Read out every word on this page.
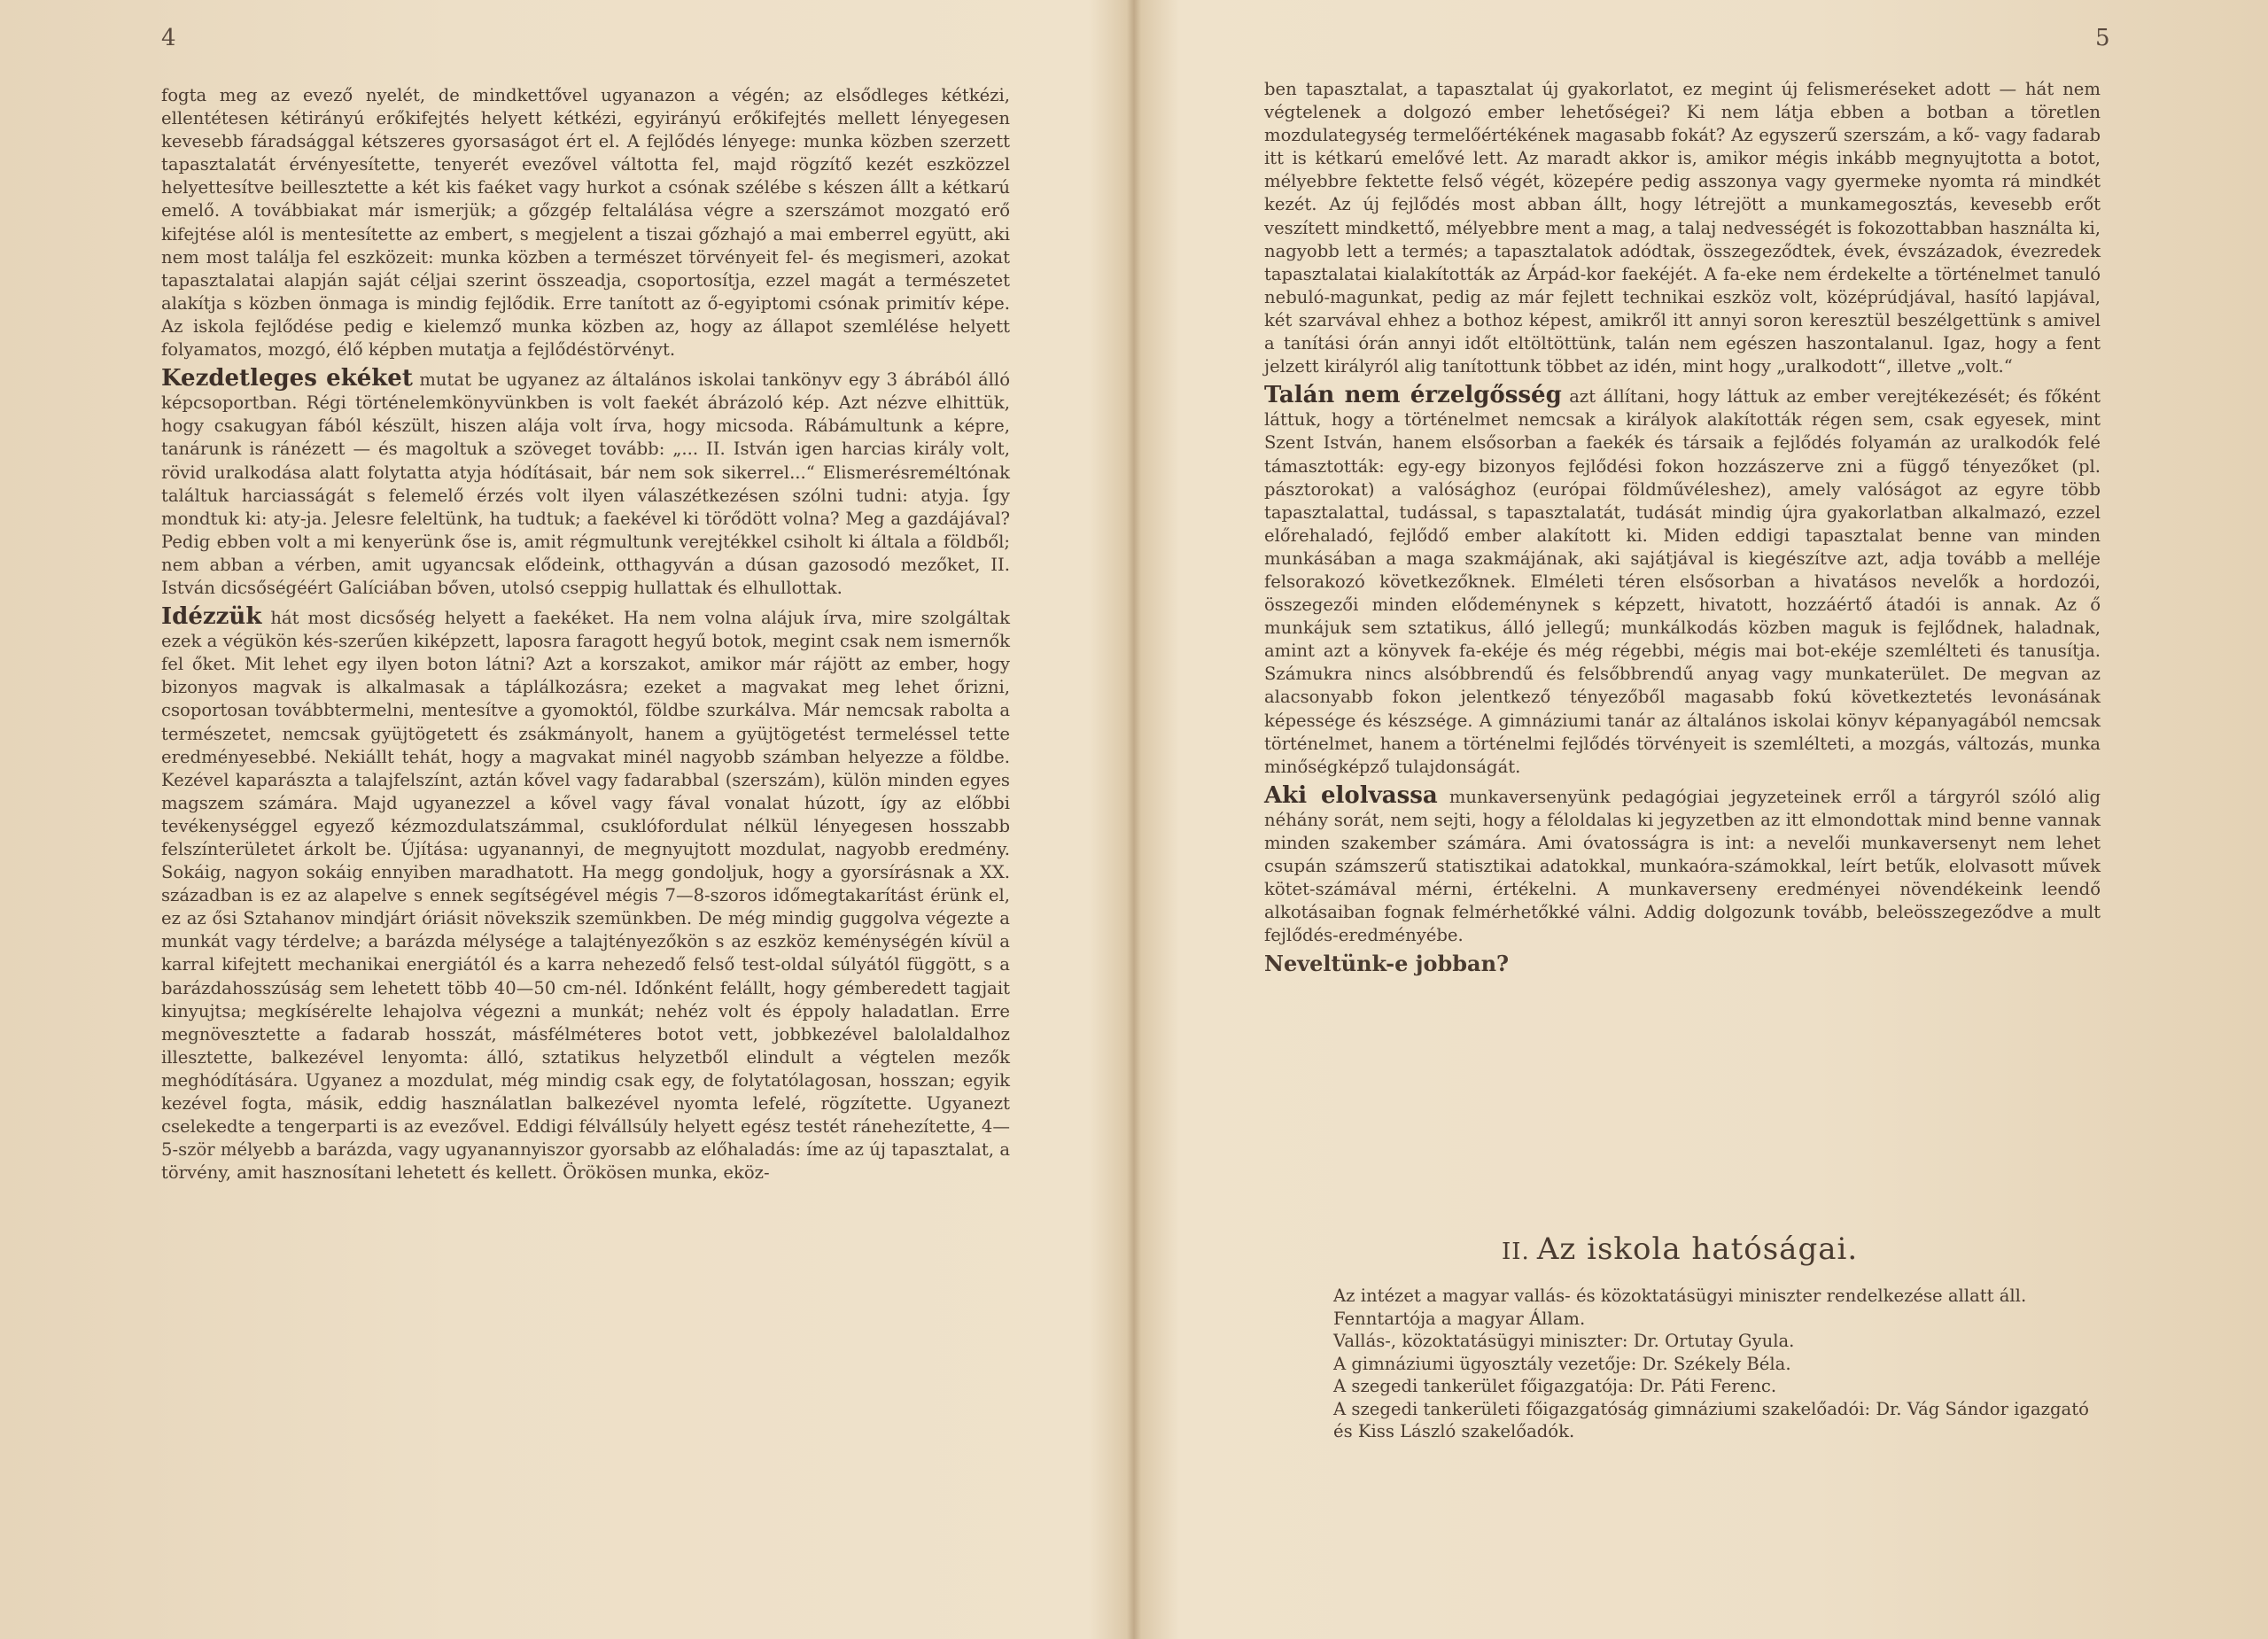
4

fogta meg az evező nyelét, de mindkettővel ugyanazon a végén; az elsődleges kétkézi, ellentétesen kétirányú erőkifejtés helyett kétkézi, egyirányú erőkifejtés mellett lényegesen kevesebb fáradsággal kétszeres gyorsaságot ért el. A fejlődés lényege: munka közben szerzett tapasztalatát érvényesítette, tenyerét evezővel váltotta fel, majd rögzítő kezét eszközzel helyettesítve beillesztette a két kis faéket vagy hurkot a csónak szélébe s készen állt a kétkarú emelő. A továbbiakat már ismerjük; a gőzgép feltalálása végre a szerszámot mozgató erő kifejtése alól is mentesítette az embert, s megjelent a tiszai gőzhajó a mai emberrel együtt, aki nem most találja fel eszközeit: munka közben a természet törvényeit fel- és megismeri, azokat tapasztalatai alapján saját céljai szerint összeadja, csoportosítja, ezzel magát a természetet alakítja s közben önmaga is mindig fejlődik. Erre tanított az ő-egyiptomi csónak primitív képe. Az iskola fejlődése pedig e kielemző munka közben az, hogy az állapot szemlélése helyett folyamatos, mozgó, élő képben mutatja a fejlődéstörvényt.

Kezdetleges ekéket mutat be ugyanez az általános iskolai tankönyv egy 3 ábrából álló képcsoportban. Régi történelemkönyvünkben is volt faekét ábrázoló kép. Azt nézve elhittük, hogy csakugyan fából készült, hiszen alája volt írva, hogy micsoda. Rábámultunk a képre, tanárunk is ránézett — és magoltuk a szöveget tovább: „... II. István igen harcias király volt, rövid uralkodása alatt folytatta atyja hódításait, bár nem sok sikerrel...“ Elismerésreméltónak találtuk harciasságát s felemelő érzés volt ilyen válaszétkezésen szólni tudni: atyja. Így mondtuk ki: aty-ja. Jelesre feleltünk, ha tudtuk; a faekével ki törődött volna? Meg a gazdájával? Pedig ebben volt a mi kenyerünk őse is, amit régmultunk verejtékkel csiholt ki általa a földből; nem abban a vérben, amit ugyancsak elődeink, otthagyván a dúsan gazosodó mezőket, II. István dicsőségéért Galíciában bőven, utolsó cseppig hullattak és elhullottak.

Idézzük hát most dicsőség helyett a faekéket. Ha nem volna alájuk írva, mire szolgáltak ezek a végükön kés-szerűen kiképzett, laposra faragott hegyű botok, megint csak nem ismernők fel őket. Mit lehet egy ilyen boton látni? Azt a korszakot, amikor már rájött az ember, hogy bizonyos magvak is alkalmasak a táplálkozásra; ezeket a magvakat meg lehet őrizni, csoportosan továbbtermelni, mentesítve a gyomoktól, földbe szurkálva. Már nemcsak rabolta a természetet, nemcsak gyüjtögetett és zsákmányolt, hanem a gyüjtögetést termeléssel tette eredményesebbé. Nekiállt tehát, hogy a magvakat minél nagyobb számban helyezze a földbe. Kezével kaparászta a talajfelszínt, aztán kővel vagy fadarabbal (szerszám), külön minden egyes magszem számára. Majd ugyanezzel a kővel vagy fával vonalat húzott, így az előbbi tevékenységgel egyező kézmozdulatszámmal, csuklófordulat nélkül lényegesen hosszabb felszínterületet árkolt be. Újítása: ugyanannyi, de megnyujtott mozdulat, nagyobb eredmény. Sokáig, nagyon sokáig ennyiben maradhatott. Ha megg gondoljuk, hogy a gyorsírásnak a XX. században is ez az alapelve s ennek segítségével mégis 7—8-szoros időmegtakarítást érünk el, ez az ősi Sztahanov mindjárt óriásit növekszik szemünkben. De még mindig guggolva végezte a munkát vagy térdelve; a barázda mélysége a talajtényezőkön s az eszköz keménységén kívül a karral kifejtett mechanikai energiától és a karra nehezedő felső test-oldal súlyától függött, s a barázdahosszúság sem lehetett több 40—50 cm-nél. Időnként felállt, hogy gémberedett tagjait kinyujtsa; megkísérelte lehajolva végezni a munkát; nehéz volt és éppoly haladatlan. Erre megnövesztette a fadarab hosszát, másfélméteres botot vett, jobbkezével balolaldalhoz illesztette, balkezével lenyomta: álló, sztatikus helyzetből elindult a végtelen mezők meghódítására. Ugyanez a mozdulat, még mindig csak egy, de folytatólagosan, hosszan; egyik kezével fogta, másik, eddig használatlan balkezével nyomta lefelé, rögzítette. Ugyanezt cselekedte a tengerparti is az evezővel. Eddigi félvállsúly helyett egész testét ránehezítette, 4—5-ször mélyebb a barázda, vagy ugyanannyiszor gyorsabb az előhaladás: íme az új tapasztalat, a törvény, amit hasznosítani lehetett és kellett. Örökösen munka, eköz-

5

ben tapasztalat, a tapasztalat új gyakorlatot, ez megint új felismeréseket adott — hát nem végtelenek a dolgozó ember lehetőségei? Ki nem látja ebben a botban a töretlen mozdulategység termelőértékének magasabb fokát? Az egyszerű szerszám, a kő- vagy fadarab itt is kétkarú emelővé lett. Az maradt akkor is, amikor mégis inkább megnyujtotta a botot, mélyebbre fektette felső végét, közepére pedig asszonya vagy gyermeke nyomta rá mindkét kezét. Az új fejlődés most abban állt, hogy létrejött a munkamegosztás, kevesebb erőt veszített mindkettő, mélyebbre ment a mag, a talaj nedvességét is fokozottabban használta ki, nagyobb lett a termés; a tapasztalatok adódtak, összegeződtek, évek, évszázadok, évezredek tapasztalatai kialakították az Árpád-kor faekéjét. A fa-eke nem érdekelte a történelmet tanuló nebuló-magunkat, pedig az már fejlett technikai eszköz volt, középrúdjával, hasító lapjával, két szarvával ehhez a bothoz képest, amikről itt annyi soron keresztül beszélgettünk s amivel a tanítási órán annyi időt eltöltöttünk, talán nem egészen haszontalanul. Igaz, hogy a fent jelzett királyról alig tanítottunk többet az idén, mint hogy „uralkodott“, illetve „volt.“

Talán nem érzelgősség azt állítani, hogy láttuk az ember verejtékezését; és főként láttuk, hogy a történelmet nemcsak a királyok alakították régen sem, csak egyesek, mint Szent István, hanem elsősorban a faekék és társaik a fejlődés folyamán az uralkodók felé támasztották: egy-egy bizonyos fejlődési fokon hozzászerve zni a függő tényezőket (pl. pásztorokat) a valósághoz (európai földművéleshez), amely valóságot az egyre több tapasztalattal, tudással, s tapasztalatát, tudását mindig újra gyakorlatban alkalmazó, ezzel előrehaladó, fejlődő ember alakított ki. Miden eddigi tapasztalat benne van minden munkásában a maga szakmájának, aki sajátjával is kiegészítve azt, adja tovább a melléje felsorakozó következőknek. Elméleti téren elsősorban a hivatásos nevelők a hordozói, összegezői minden elődeménynek s képzett, hivatott, hozzáértő átadói is annak. Az ő munkájuk sem sztatikus, álló jellegű; munkálkodás közben maguk is fejlődnek, haladnak, amint azt a könyvek fa-ekéje és még régebbi, mégis mai bot-ekéje szemlélteti és tanusítja. Számukra nincs alsóbbrendű és felsőbbrendű anyag vagy munkaterület. De megvan az alacsonyabb fokon jelentkező tényezőből magasabb fokú következtetés levonásának képessége és készsége. A gimnáziumi tanár az általános iskolai könyv képanyagából nemcsak történelmet, hanem a történelmi fejlődés törvényeit is szemlélteti, a mozgás, változás, munka minőségképző tulajdonságát.

Aki elolvassa munkaversenyünk pedagógiai jegyzeteinek erről a tárgyról szóló alig néhány sorát, nem sejti, hogy a féloldalas ki jegyzetben az itt elmondottak mind benne vannak minden szakember számára. Ami óvatosságra is int: a nevelői munkaversenyt nem lehet csupán számszerű statisztikai adatokkal, munkaóra-számokkal, leírt betűk, elolvasott művek kötet-számával mérni, értékelni. A munkaverseny eredményei növendékeink leendő alkotásaiban fognak felmérhetőkké válni. Addig dolgozunk tovább, beleösszegeződve a mult fejlődés-eredményébe.

Neveltünk-e jobban?
II. Az iskola hatóságai.
Az intézet a magyar vallás- és közoktatásügyi miniszter rendelkezése allatt áll. Fenntartója a magyar Állam.
Vallás-, közoktatásügyi miniszter: Dr. Ortutay Gyula.
A gimnáziumi ügyosztály vezetője: Dr. Székely Béla.
A szegedi tankerület főigazgatója: Dr. Páti Ferenc.
A szegedi tankerületi főigazgatóság gimnáziumi szakelőadói: Dr. Vág Sándor igazgató és Kiss László szakelőadók.
